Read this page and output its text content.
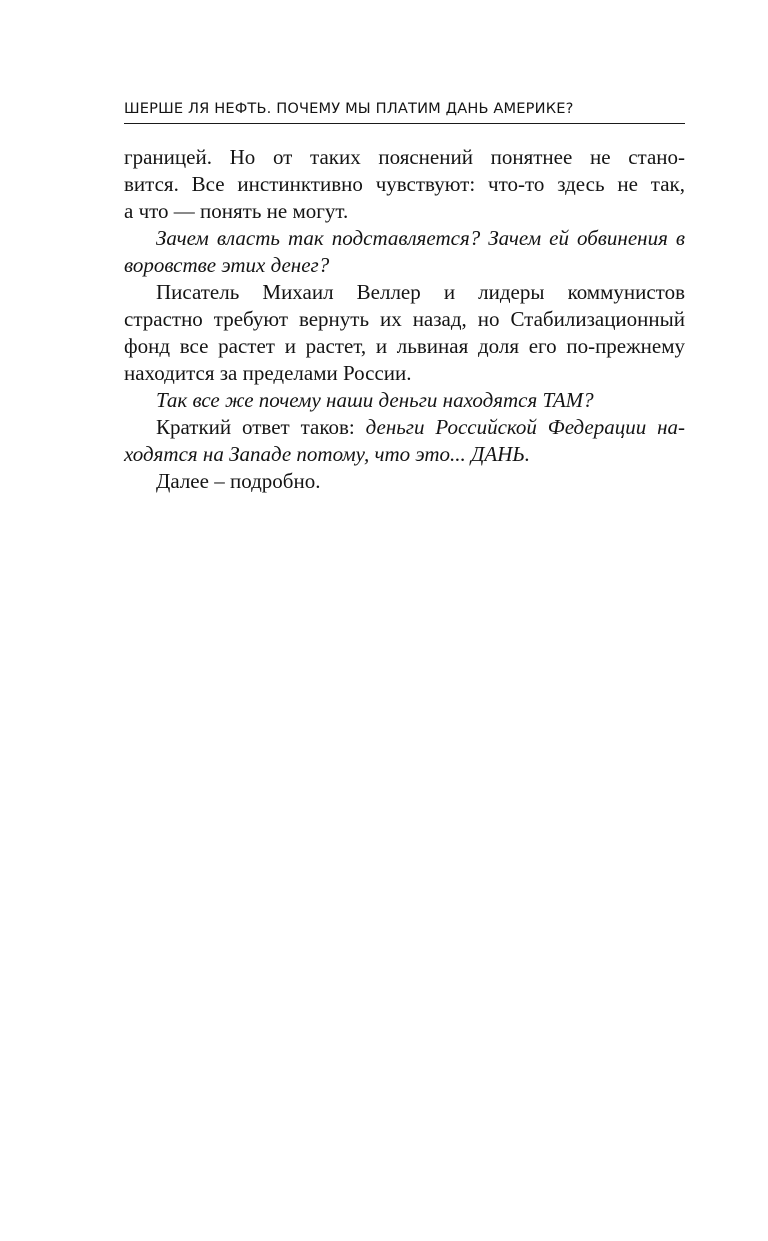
ШЕРШЕ ЛЯ НЕФТЬ. ПОЧЕМУ МЫ ПЛАТИМ ДАНЬ АМЕРИКЕ?
границей. Но от таких пояснений понятнее не стано-
вится. Все инстинктивно чувствуют: что-то здесь не так,
а что — понять не могут.
Зачем власть так подставляется? Зачем ей обвинения в
воровстве этих денег?
Писатель Михаил Веллер и лидеры коммунистов
страстно требуют вернуть их назад, но Стабилизационный
фонд все растет и растет, и львиная доля его по-прежнему
находится за пределами России.
Так все же почему наши деньги находятся ТАМ?
Краткий ответ таков: деньги Российской Федерации на-
ходятся на Западе потому, что это... ДАНЬ.
Далее – подробно.
